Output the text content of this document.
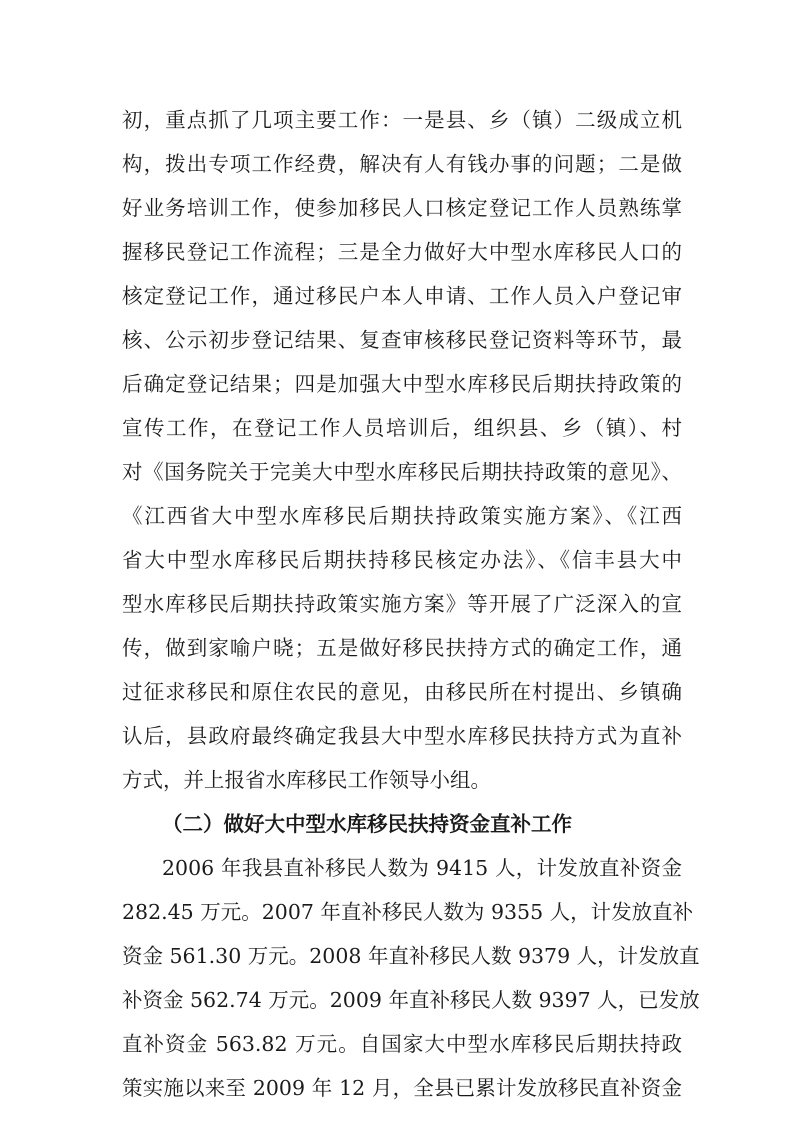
初，重点抓了几项主要工作：一是县、乡（镇）二级成立机
构，拨出专项工作经费，解决有人有钱办事的问题；二是做
好业务培训工作，使参加移民人口核定登记工作人员熟练掌
握移民登记工作流程；三是全力做好大中型水库移民人口的
核定登记工作，通过移民户本人申请、工作人员入户登记审
核、公示初步登记结果、复查审核移民登记资料等环节，最
后确定登记结果；四是加强大中型水库移民后期扶持政策的
宣传工作，在登记工作人员培训后，组织县、乡（镇）、村
对《国务院关于完美大中型水库移民后期扶持政策的意见》、
《江西省大中型水库移民后期扶持政策实施方案》、《江西
省大中型水库移民后期扶持移民核定办法》、《信丰县大中
型水库移民后期扶持政策实施方案》等开展了广泛深入的宣
传，做到家喻户晓；五是做好移民扶持方式的确定工作，通
过征求移民和原住农民的意见，由移民所在村提出、乡镇确
认后，县政府最终确定我县大中型水库移民扶持方式为直补
方式，并上报省水库移民工作领导小组。
（二）做好大中型水库移民扶持资金直补工作
2006 年我县直补移民人数为 9415 人，计发放直补资金
282.45 万元。2007 年直补移民人数为 9355 人，计发放直补
资金 561.30 万元。2008 年直补移民人数 9379 人，计发放直
补资金 562.74 万元。2009 年直补移民人数 9397 人，已发放
直补资金 563.82 万元。自国家大中型水库移民后期扶持政
策实施以来至 2009 年 12 月，全县已累计发放移民直补资金
